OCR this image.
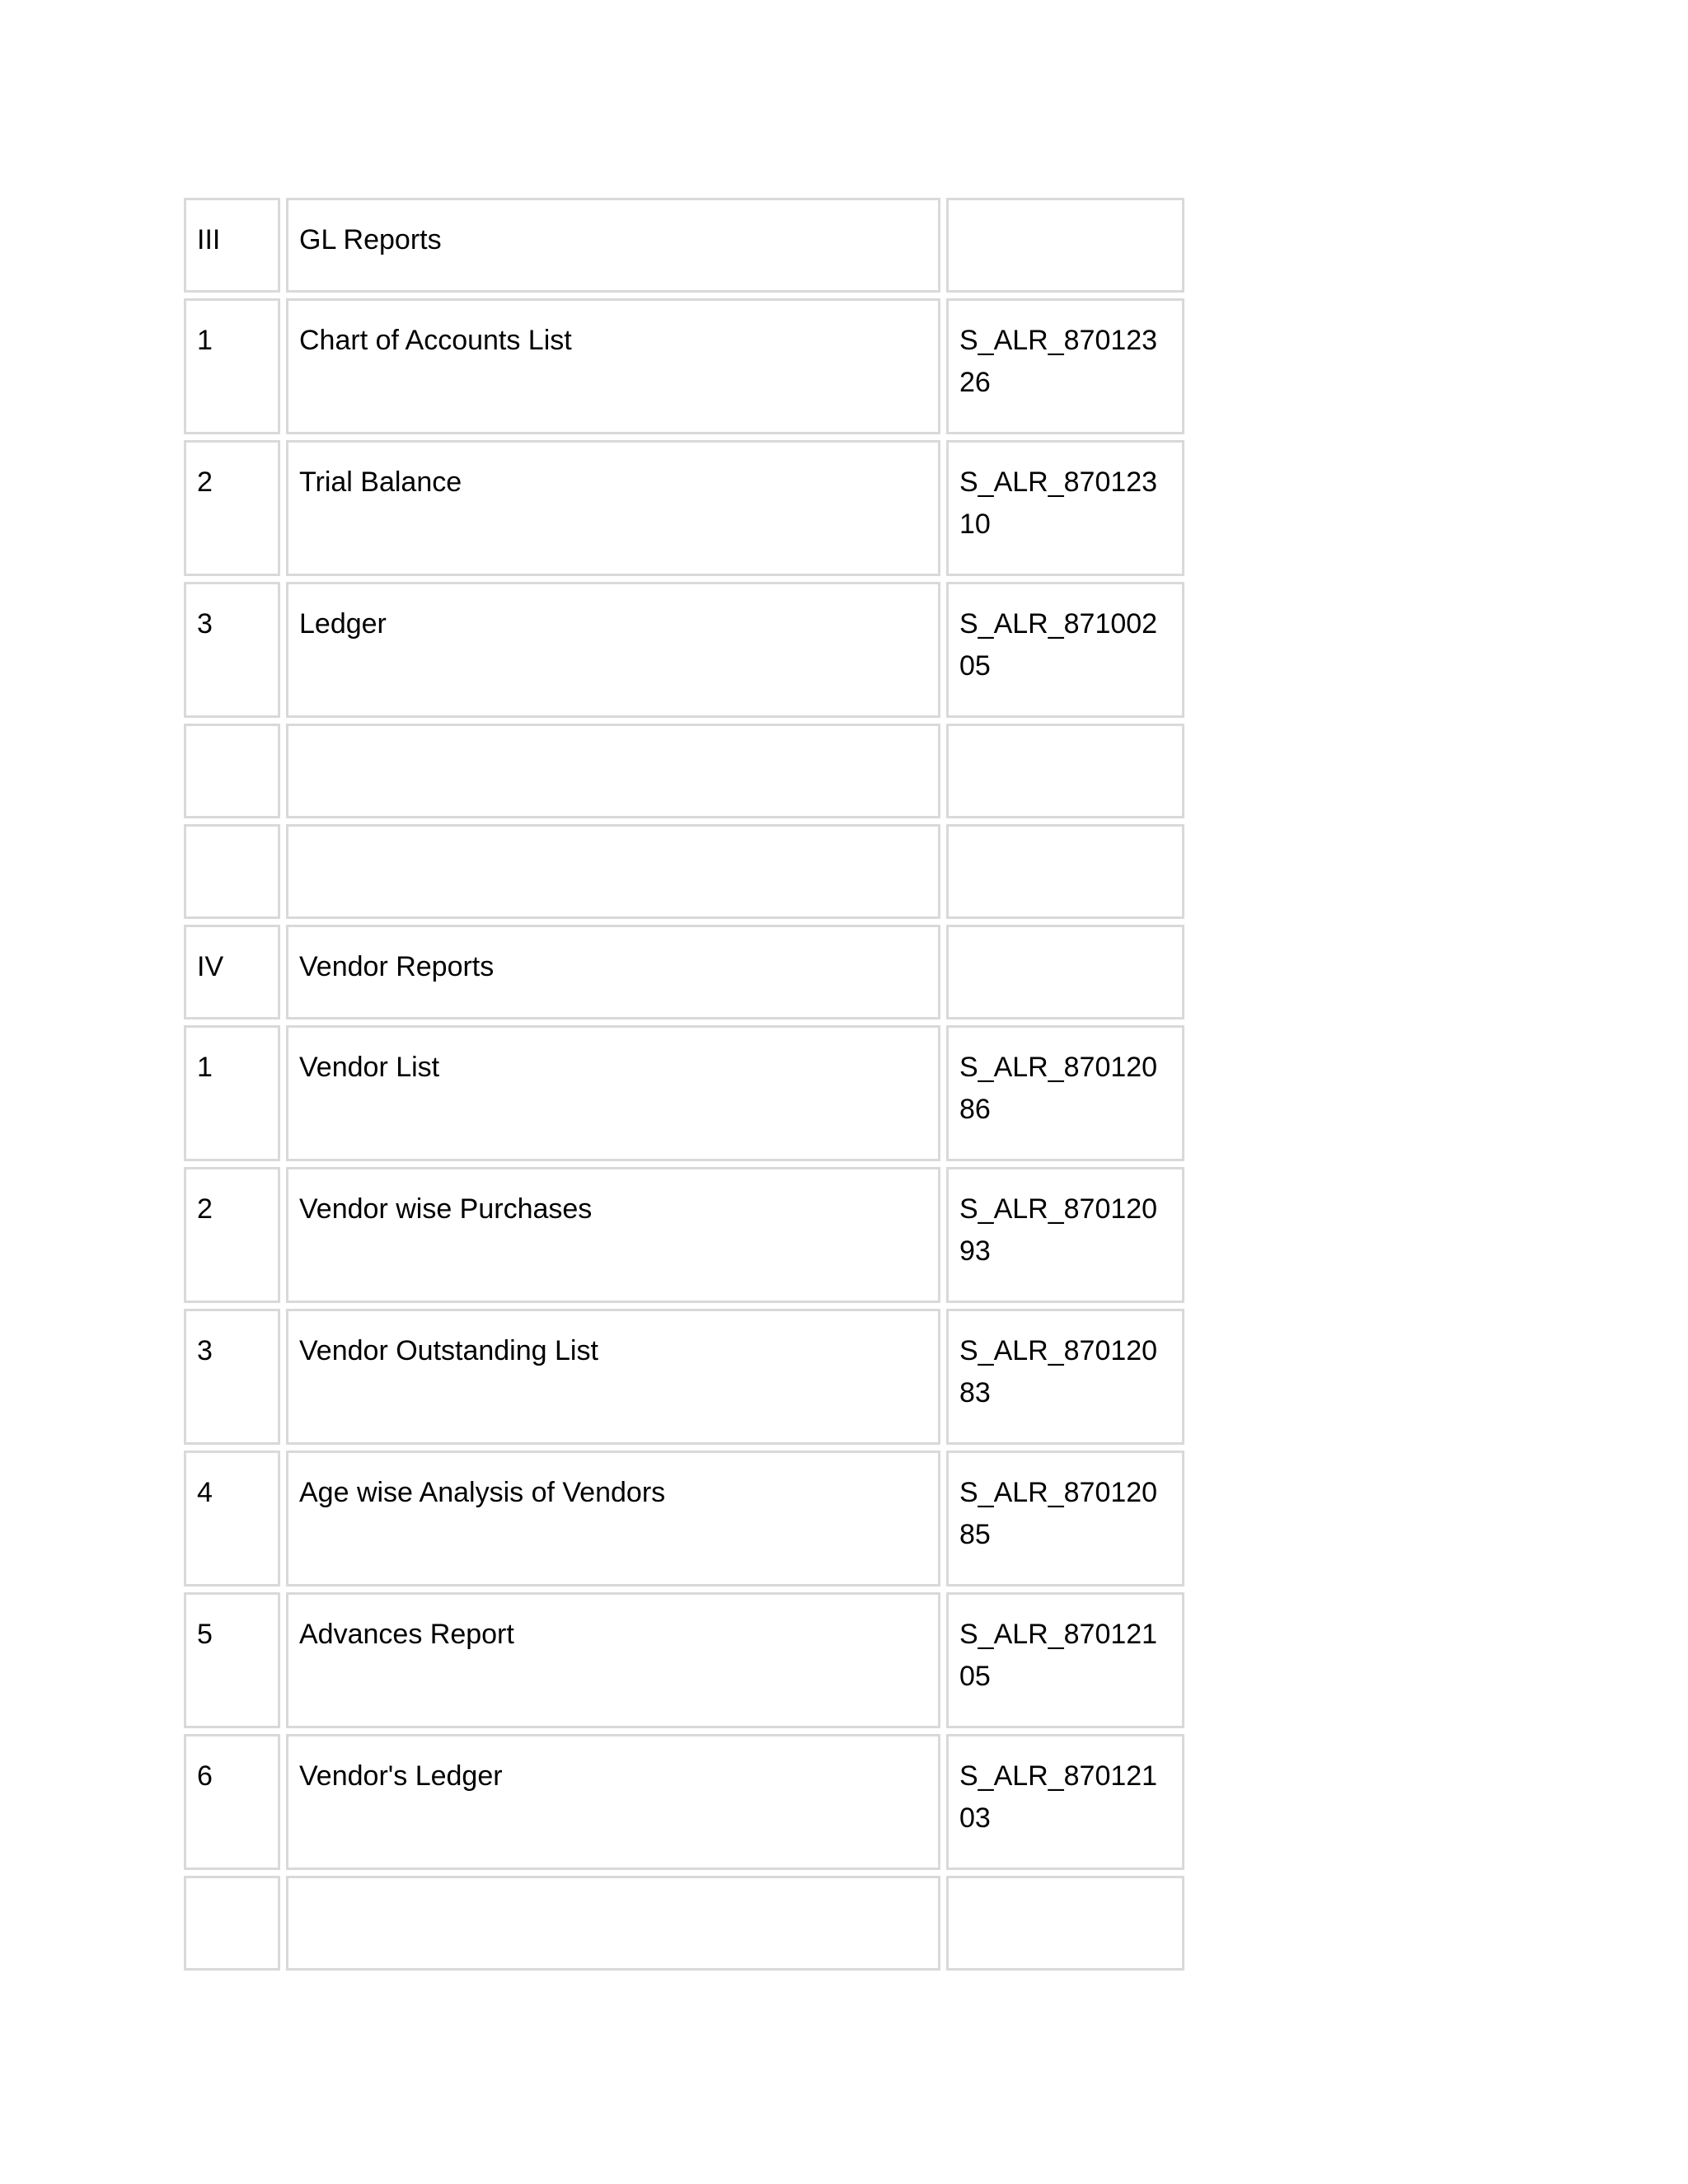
III	GL Reports	
1	Chart of Accounts List	S_ALR_87012326
2	Trial Balance	S_ALR_87012310
3	Ledger	S_ALR_87100205

IV	Vendor Reports	
1	Vendor List	S_ALR_87012086
2	Vendor wise Purchases	S_ALR_87012093
3	Vendor Outstanding List	S_ALR_87012083
4	Age wise Analysis of Vendors	S_ALR_87012085
5	Advances Report	S_ALR_87012105
6	Vendor's Ledger	S_ALR_87012103
